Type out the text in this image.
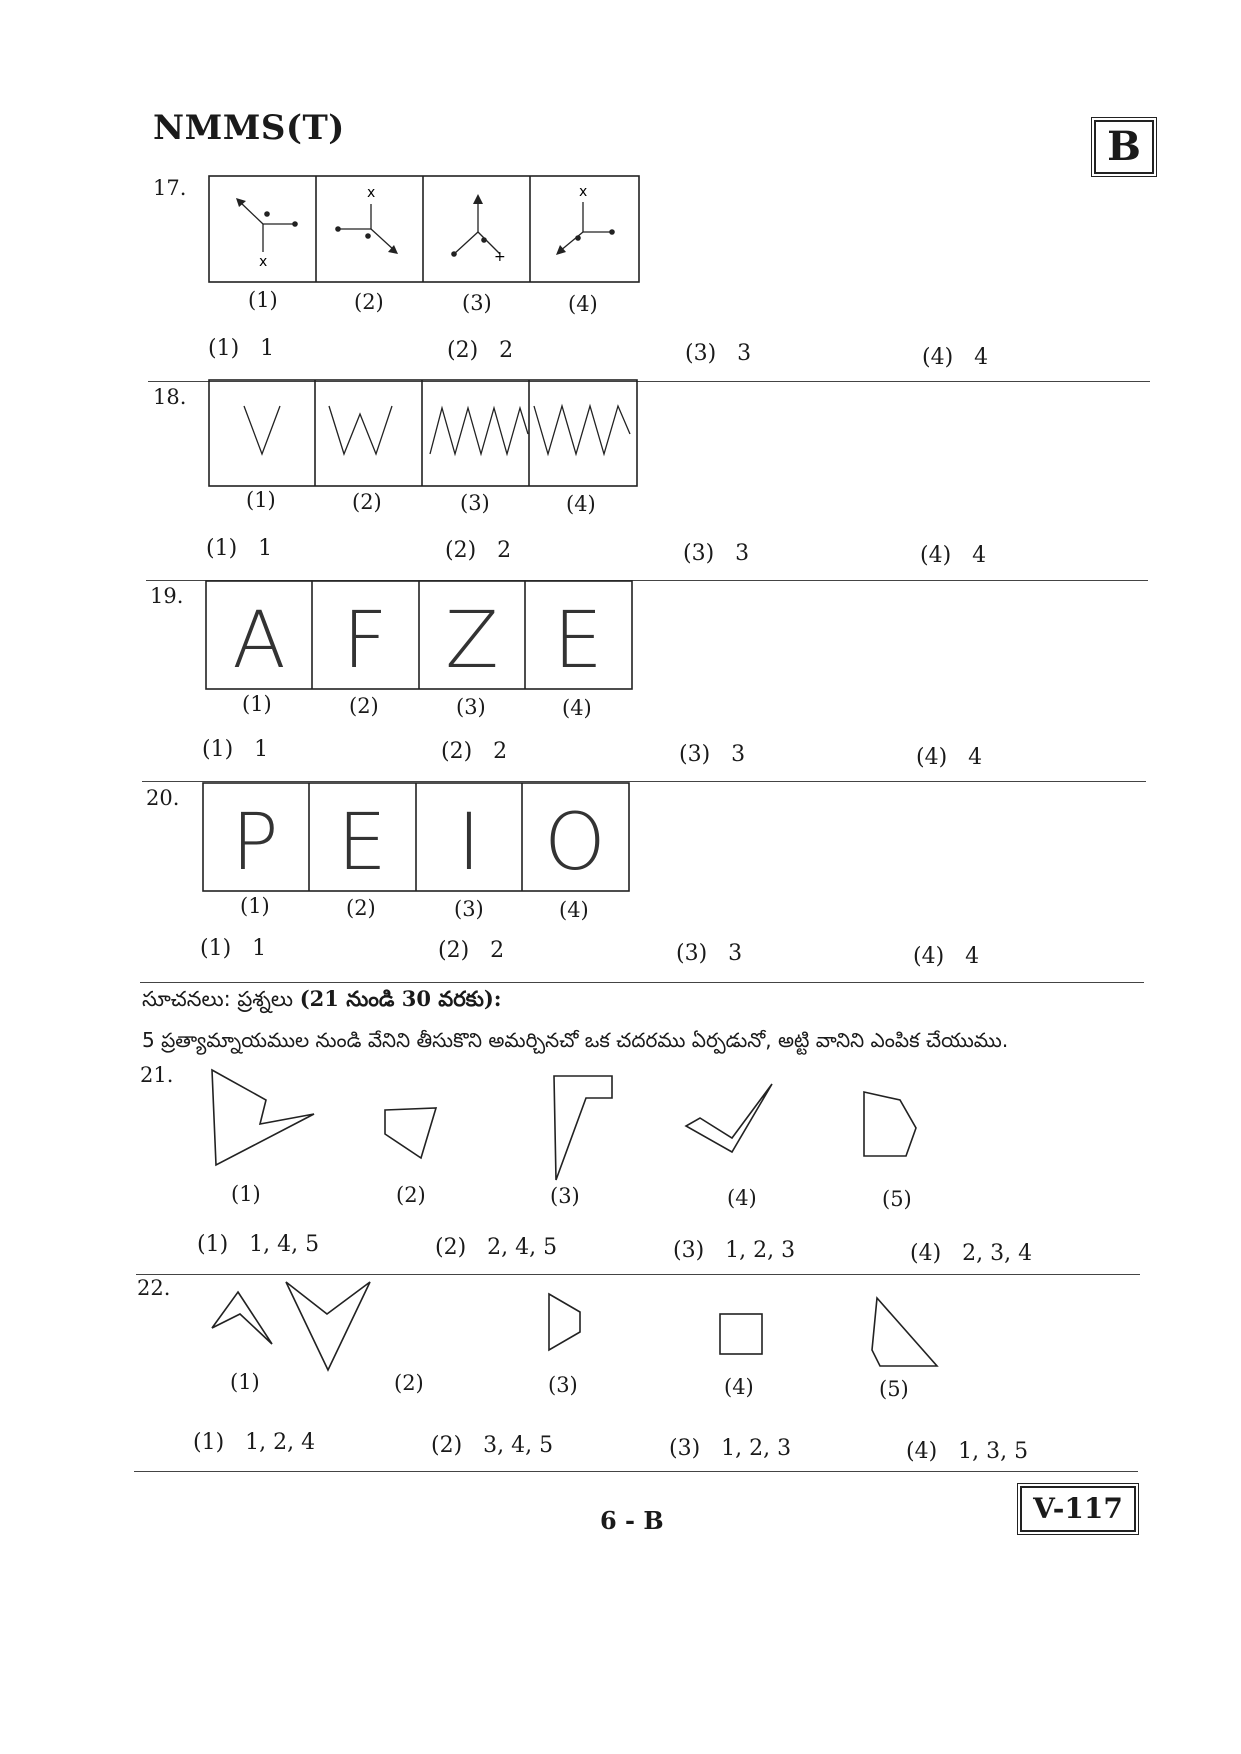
NMMS(T)	B
17.
x
x
+
x
(1)	(2)	(3)	(4)
(1) 1	(2) 2	(3) 3	(4) 4
18.
(1)	(2)	(3)	(4)
(1) 1	(2) 2	(3) 3	(4) 4
19. A F Z E
(1)	(2)	(3)	(4)
(1) 1	(2) 2	(3) 3	(4) 4
20. P E I O
(1)	(2)	(3)	(4)
(1) 1	(2) 2	(3) 3	(4) 4
సూచనలు: ప్రశ్నలు (21 నుండి 30 వరకు):
5 ప్రత్యామ్నాయముల నుండి వేనిని తీసుకొని అమర్చినచో ఒక చదరము ఏర్పడునో, అట్టి వానిని ఎంపిక చేయుము.
21.
(1)	(2)	(3)	(4)	(5)
(1) 1, 4, 5	(2) 2, 4, 5	(3) 1, 2, 3	(4) 2, 3, 4
22.
(1)	(2)	(3)	(4)	(5)
(1) 1, 2, 4	(2) 3, 4, 5	(3) 1, 2, 3	(4) 1, 3, 5
6 - B	V-117
